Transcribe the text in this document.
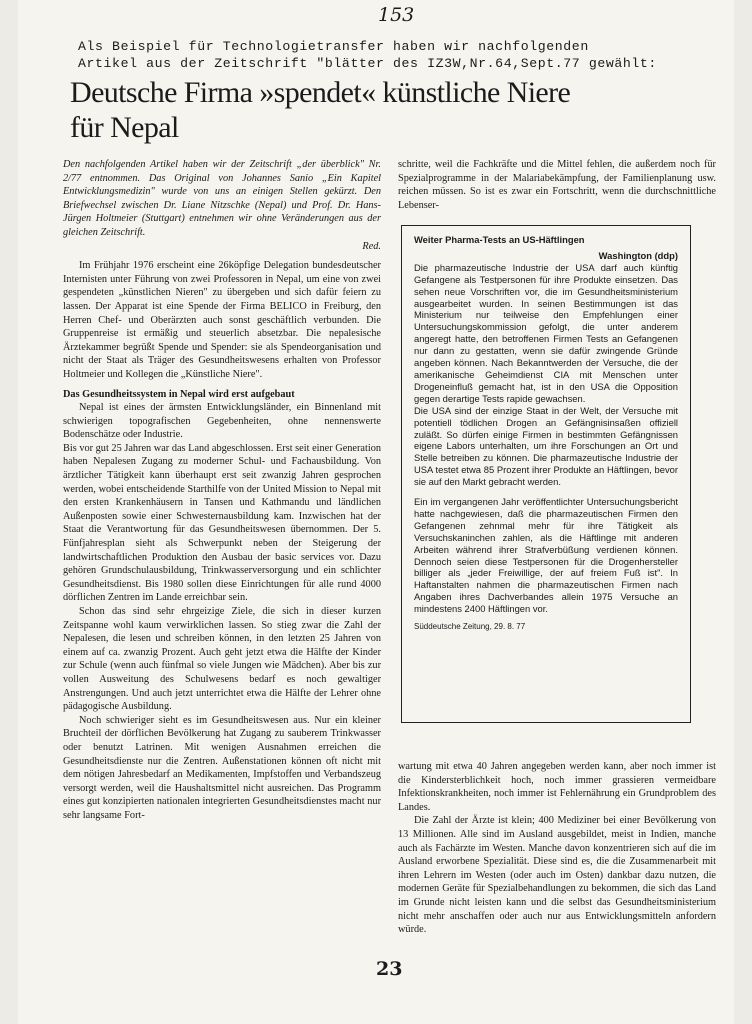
153
Als Beispiel für Technologietransfer haben wir nachfolgenden
Artikel aus der Zeitschrift "blätter des IZ3W,Nr.64,Sept.77 gewählt:
Deutsche Firma »spendet« künstliche Niere
für Nepal

Den nachfolgenden Artikel haben wir der Zeitschrift „der überblick" Nr. 2/77 entnommen. Das Original von Johannes Sanio „Ein Kapitel Entwicklungsmedizin" wurde von uns an einigen Stellen gekürzt. Den Briefwechsel zwischen Dr. Liane Nitzschke (Nepal) und Prof. Dr. Hans-Jürgen Holtmeier (Stuttgart) entnehmen wir ohne Veränderungen aus der gleichen Zeitschrift.

Red.

Im Frühjahr 1976 erscheint eine 26köpfige Delegation bundesdeutscher Internisten unter Führung von zwei Professoren in Nepal, um eine von zwei gespendeten „künstlichen Nieren" zu übergeben und sich dafür feiern zu lassen. Der Apparat ist eine Spende der Firma BELICO in Freiburg, den Herren Chef- und Oberärzten auch sonst geschäftlich verbunden. Die Gruppenreise ist ermäßig und steuerlich absetzbar. Die nepalesische Ärztekammer begrüßt Spende und Spender: sie als Spendeorganisation und nicht der Staat als Träger des Gesundheitswesens erhalten von Professor Holtmeier und Kollegen die „Künstliche Niere".

Das Gesundheitssystem in Nepal wird erst aufgebaut

Nepal ist eines der ärmsten Entwicklungsländer, ein Binnenland mit schwierigen topografischen Gegebenheiten, ohne nennenswerte Bodenschätze oder Industrie.

Bis vor gut 25 Jahren war das Land abgeschlossen. Erst seit einer Generation haben Nepalesen Zugang zu moderner Schul- und Fachausbildung. Von ärztlicher Tätigkeit kann überhaupt erst seit zwanzig Jahren gesprochen werden, wobei entscheidende Starthilfe von der United Mission to Nepal mit den ersten Krankenhäusern in Tansen und Kathmandu und ländlichen Außenposten sowie einer Schwesternausbildung kam. Inzwischen hat der Staat die Verantwortung für das Gesundheitswesen übernommen. Der 5. Fünfjahresplan sieht als Schwerpunkt neben der Steigerung der landwirtschaftlichen Produktion den Ausbau der basic services vor. Dazu gehören Grundschulausbildung, Trinkwasserversorgung und ein schlichter Gesundheitsdienst. Bis 1980 sollen diese Einrichtungen für alle rund 4000 dörflichen Zentren im Lande erreichbar sein.

Schon das sind sehr ehrgeizige Ziele, die sich in dieser kurzen Zeitspanne wohl kaum verwirklichen lassen. So stieg zwar die Zahl der Nepalesen, die lesen und schreiben können, in den letzten 25 Jahren von einem auf ca. zwanzig Prozent. Auch geht jetzt etwa die Hälfte der Kinder zur Schule (wenn auch fünfmal so viele Jungen wie Mädchen). Aber bis zur vollen Ausweitung des Schulwesens bedarf es noch gewaltiger Anstrengungen. Und auch jetzt unterrichtet etwa die Hälfte der Lehrer ohne pädagogische Ausbildung.

Noch schwieriger sieht es im Gesundheitswesen aus. Nur ein kleiner Bruchteil der dörflichen Bevölkerung hat Zugang zu sauberem Trinkwasser oder benutzt Latrinen. Mit wenigen Ausnahmen erreichen die Gesundheitsdienste nur die Zentren. Außenstationen können oft nicht mit dem nötigen Jahresbedarf an Medikamenten, Impfstoffen und Verbandszeug versorgt werden, weil die Haushaltsmittel nicht ausreichen. Das Programm eines gut konzipierten nationalen integrierten Gesundheitsdienstes macht nur sehr langsame Fort-

schritte, weil die Fachkräfte und die Mittel fehlen, die außerdem noch für Spezialprogramme in der Malariabekämpfung, der Familienplanung usw. reichen müssen. So ist es zwar ein Fortschritt, wenn die durchschnittliche Lebenser-

Weiter Pharma-Tests an US-Häftlingen

Washington (ddp)

Die pharmazeutische Industrie der USA darf auch künftig Gefangene als Testpersonen für ihre Produkte einsetzen. Das sehen neue Vorschriften vor, die im Gesundheitsministerium ausgearbeitet wurden. In seinen Bestimmungen ist das Ministerium nur teilweise den Empfehlungen einer Untersuchungskommission gefolgt, die unter anderem angeregt hatte, den betroffenen Firmen Tests an Gefangenen nur dann zu gestatten, wenn sie dafür zwingende Gründe angeben können. Nach Bekanntwerden der Versuche, die der amerikanische Geheimdienst CIA mit Menschen unter Drogeneinfluß gemacht hat, ist in den USA die Opposition gegen derartige Tests rapide gewachsen.

Die USA sind der einzige Staat in der Welt, der Versuche mit potentiell tödlichen Drogen an Gefängnisinsaßen offiziell zuläßt. So dürfen einige Firmen in bestimmten Gefängnissen eigene Labors unterhalten, um ihre Forschungen an Ort und Stelle betreiben zu können. Die pharmazeutische Industrie der USA testet etwa 85 Prozent ihrer Produkte an Häftlingen, bevor sie auf den Markt gebracht werden.

Ein im vergangenen Jahr veröffentlichter Untersuchungsbericht hatte nachgewiesen, daß die pharmazeutischen Firmen den Gefangenen zehnmal mehr für ihre Tätigkeit als Versuchskaninchen zahlen, als die Häftlinge mit anderen Arbeiten während ihrer Strafverbüßung verdienen können. Dennoch seien diese Testpersonen für die Drogenhersteller billiger als „jeder Freiwillige, der auf freiem Fuß ist". In Haftanstalten nahmen die pharmazeutischen Firmen nach Angaben ihres Dachverbandes allein 1975 Versuche an mindestens 2400 Häftlingen vor.

Süddeutsche Zeitung, 29. 8. 77

wartung mit etwa 40 Jahren angegeben werden kann, aber noch immer ist die Kindersterblichkeit hoch, noch immer grassieren vermeidbare Infektionskrankheiten, noch immer ist Fehlernährung ein Grundproblem des Landes.

Die Zahl der Ärzte ist klein; 400 Mediziner bei einer Bevölkerung von 13 Millionen. Alle sind im Ausland ausgebildet, meist in Indien, manche auch als Fachärzte im Westen. Manche davon konzentrieren sich auf die im Ausland erworbene Spezialität. Diese sind es, die die Zusammenarbeit mit ihren Lehrern im Westen (oder auch im Osten) dankbar dazu nutzen, die modernen Geräte für Spezialbehandlungen zu bekommen, die sich das Land im Grunde nicht leisten kann und die selbst das Gesundheitsministerium nicht mehr anschaffen oder auch nur aus Entwicklungsmitteln anfordern würde.

23
